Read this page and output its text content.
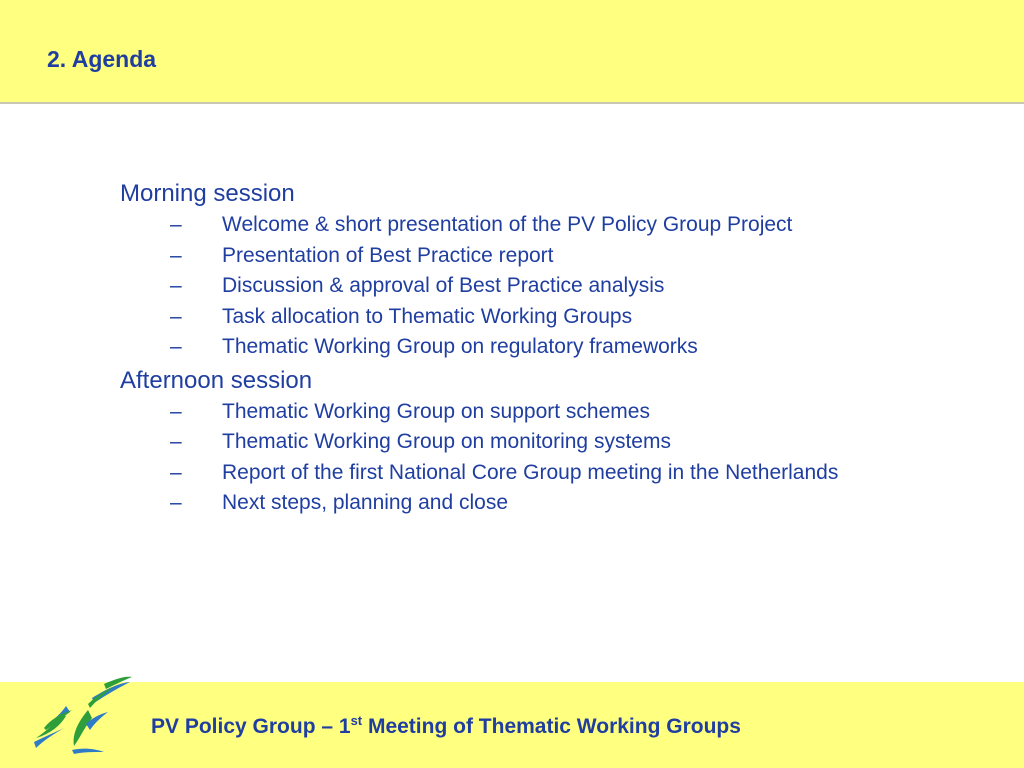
2. Agenda

Morning session

– Welcome & short presentation of the PV Policy Group Project
– Presentation of Best Practice report
– Discussion & approval of Best Practice analysis
– Task allocation to Thematic Working Groups
– Thematic Working Group on regulatory frameworks

Afternoon session

– Thematic Working Group on support schemes
– Thematic Working Group on monitoring systems
– Report of the first National Core Group meeting in the Netherlands
– Next steps, planning and close

PV Policy Group – 1st Meeting of Thematic Working Groups
